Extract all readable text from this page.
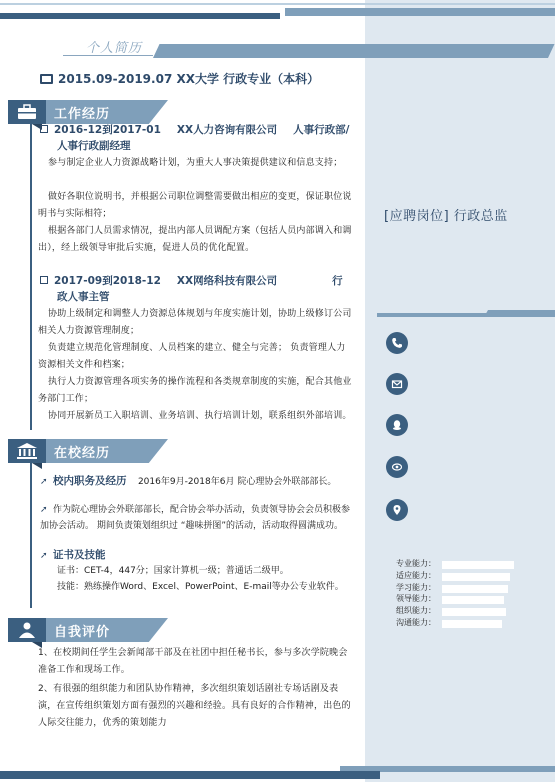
个人简历
2015.09-2019.07 XX大学 行政专业（本科）
工作经历
2016-12到2017-01 XX人力咨询有限公司 人事行政部/
人事行政副经理
参与制定企业人力资源战略计划，为重大人事决策提供建议和信息支持；
做好各职位说明书，并根据公司职位调整需要做出相应的变更，保证职位说明书与实际相符；
根据各部门人员需求情况，提出内部人员调配方案（包括人员内部调入和调出），经上级领导审批后实施，促进人员的优化配置。
2017-09到2018-12 XX网络科技有限公司	行
政人事主管
协助上级制定和调整人力资源总体规划与年度实施计划，协助上级修订公司相关人力资源管理制度；
负责建立规范化管理制度、人员档案的建立、健全与完善； 负责管理人力资源相关文件和档案；
执行人力资源管理各项实务的操作流程和各类规章制度的实施，配合其他业务部门工作；
协同开展新员工入职培训、业务培训、执行培训计划，联系组织外部培训。
在校经历
➚ 校内职务及经历 2016年9月-2018年6月 院心理协会外联部部长。
➚ 作为院心理协会外联部部长，配合协会举办活动，负责领导协会会员积极参加协会活动。 期间负责策划组织过 “趣味拼图”的活动，活动取得圆满成功。
➚ 证书及技能
证书：CET-4，447分；国家计算机一级；普通话二级甲。
技能：熟练操作Word、Excel、PowerPoint、E-mail等办公专业软件。
自我评价
1、在校期间任学生会新闻部干部及在社团中担任秘书长，参与多次学院晚会准备工作和现场工作。
2、有很强的组织能力和团队协作精神，多次组织策划话剧社专场话剧及表演，在宣传组织策划方面有强烈的兴趣和经验。具有良好的合作精神，出色的人际交往能力，优秀的策划能力
[应聘岗位] 行政总监
专业能力：
适应能力：
学习能力：
领导能力：
组织能力：
沟通能力：
